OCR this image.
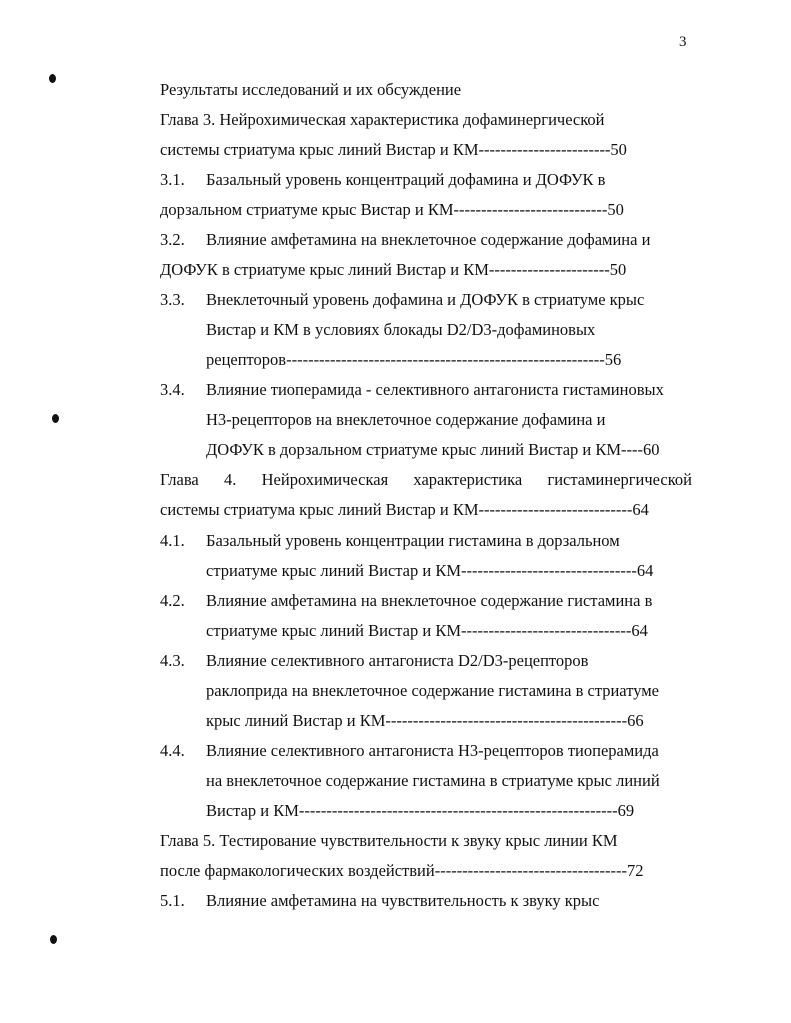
3
Результаты исследований и их обсуждение
Глава 3. Нейрохимическая характеристика дофаминергической
системы стриатума крыс линий Вистар и КМ------------------------50
3.1. Базальный уровень концентраций дофамина и ДОФУК в
дорзальном стриатуме крыс Вистар и КМ----------------------------50
3.2. Влияние амфетамина на внеклеточное содержание дофамина и
ДОФУК в стриатуме крыс линий Вистар и КМ----------------------50
3.3. Внеклеточный уровень дофамина и ДОФУК в стриатуме крыс
Вистар и КМ в условиях блокады D2/D3-дофаминовых
рецепторов----------------------------------------------------------56
3.4. Влияние тиоперамида - селективного антагониста гистаминовых
Н3-рецепторов на внеклеточное содержание дофамина и
ДОФУК в дорзальном стриатуме крыс линий Вистар и КМ----60
Глава 4. Нейрохимическая характеристика гистаминергической
системы стриатума крыс линий Вистар и КМ----------------------------64
4.1. Базальный уровень концентрации гистамина в дорзальном
стриатуме крыс линий Вистар и КМ--------------------------------64
4.2. Влияние амфетамина на внеклеточное содержание гистамина в
стриатуме крыс линий Вистар и КМ-------------------------------64
4.3. Влияние селективного антагониста D2/D3-рецепторов
раклоприда на внеклеточное содержание гистамина в стриатуме
крыс линий Вистар и КМ--------------------------------------------66
4.4. Влияние селективного антагониста Н3-рецепторов тиоперамида
на внеклеточное содержание гистамина в стриатуме крыс линий
Вистар и КМ----------------------------------------------------------69
Глава 5. Тестирование чувствительности к звуку крыс линии КМ
после фармакологических воздействий-----------------------------------72
5.1. Влияние амфетамина на чувствительность к звуку крыс
